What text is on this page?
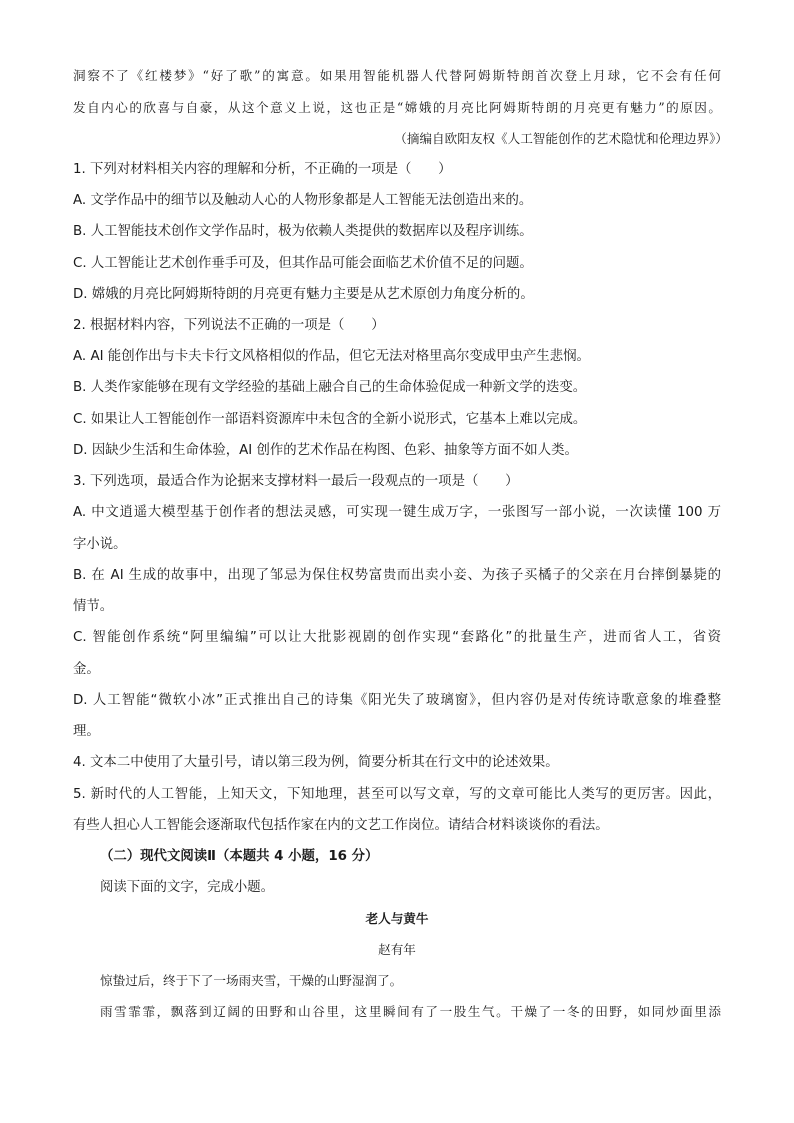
洞察不了《红楼梦》“好了歌”的寓意。如果用智能机器人代替阿姆斯特朗首次登上月球，它不会有任何
发自内心的欣喜与自豪，从这个意义上说，这也正是“嫦娥的月亮比阿姆斯特朗的月亮更有魅力”的原因。
（摘编自欧阳友权《人工智能创作的艺术隐忧和伦理边界》）
1. 下列对材料相关内容的理解和分析，不正确的一项是（　　）
A. 文学作品中的细节以及触动人心的人物形象都是人工智能无法创造出来的。
B. 人工智能技术创作文学作品时，极为依赖人类提供的数据库以及程序训练。
C. 人工智能让艺术创作垂手可及，但其作品可能会面临艺术价值不足的问题。
D. 嫦娥的月亮比阿姆斯特朗的月亮更有魅力主要是从艺术原创力角度分析的。
2. 根据材料内容，下列说法不正确的一项是（　　）
A. AI 能创作出与卡夫卡行文风格相似的作品，但它无法对格里高尔变成甲虫产生悲悯。
B. 人类作家能够在现有文学经验的基础上融合自己的生命体验促成一种新文学的迭变。
C. 如果让人工智能创作一部语料资源库中未包含的全新小说形式，它基本上难以完成。
D. 因缺少生活和生命体验，AI 创作的艺术作品在构图、色彩、抽象等方面不如人类。
3. 下列选项，最适合作为论据来支撑材料一最后一段观点的一项是（　　）
A. 中文逍遥大模型基于创作者的想法灵感，可实现一键生成万字，一张图写一部小说，一次读懂 100 万
字小说。
B. 在 AI 生成的故事中，出现了邹忌为保住权势富贵而出卖小妾、为孩子买橘子的父亲在月台摔倒暴毙的
情节。
C. 智能创作系统“阿里编编”可以让大批影视剧的创作实现“套路化”的批量生产，进而省人工，省资
金。
D. 人工智能“微软小冰”正式推出自己的诗集《阳光失了玻璃窗》，但内容仍是对传统诗歌意象的堆叠整
理。
4. 文本二中使用了大量引号，请以第三段为例，简要分析其在行文中的论述效果。
5. 新时代的人工智能，上知天文，下知地理，甚至可以写文章，写的文章可能比人类写的更厉害。因此，
有些人担心人工智能会逐渐取代包括作家在内的文艺工作岗位。请结合材料谈谈你的看法。
（二）现代文阅读Ⅱ（本题共 4 小题，16 分）
阅读下面的文字，完成小题。
老人与黄牛
赵有年
惊蛰过后，终于下了一场雨夹雪，干燥的山野湿润了。
雨雪霏霏，飘落到辽阔的田野和山谷里，这里瞬间有了一股生气。干燥了一冬的田野，如同炒面里添
